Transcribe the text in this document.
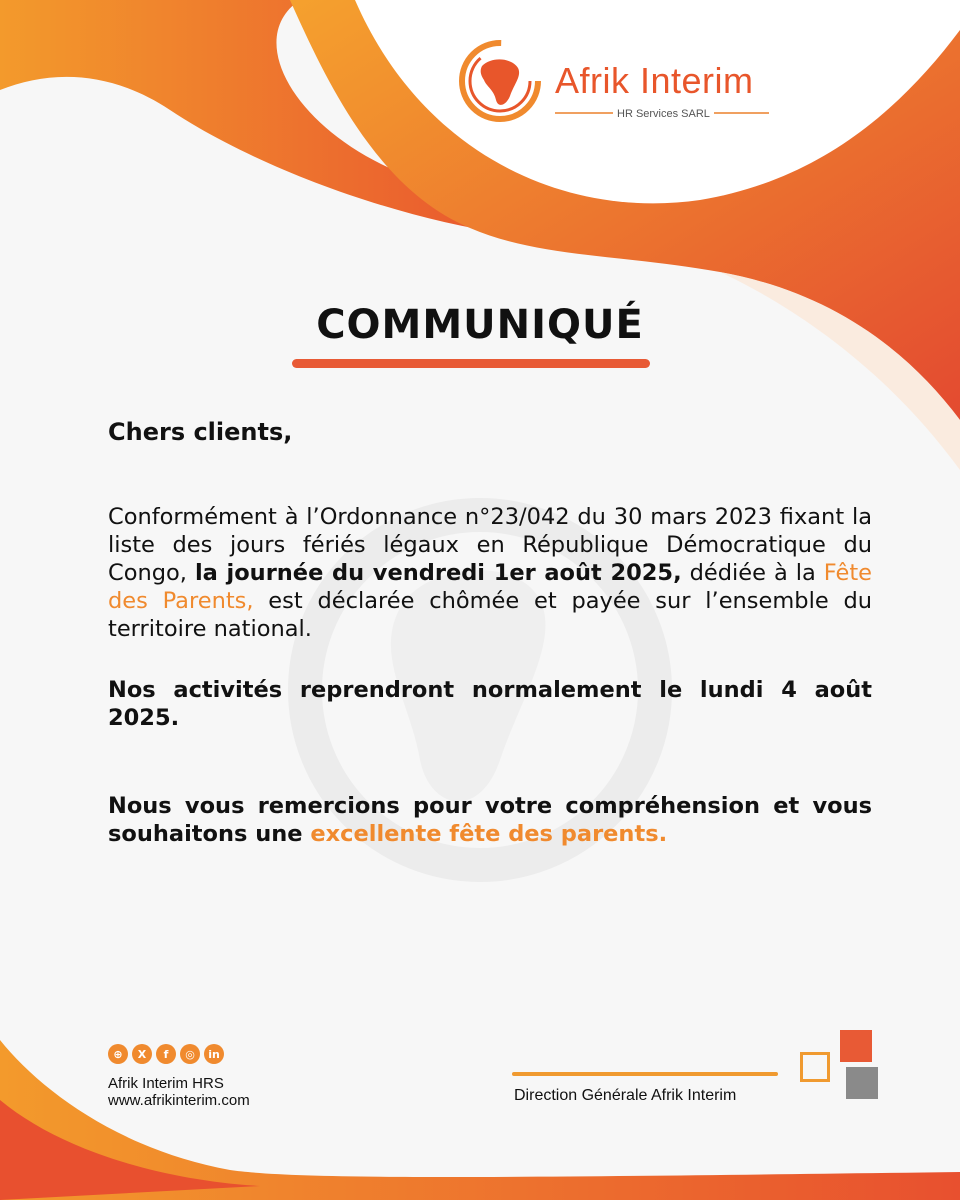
Afrik Interim
HR Services SARL
COMMUNIQUÉ
Chers clients,
Conformément à l’Ordonnance n°23/042 du 30 mars 2023 fixant la liste des jours fériés légaux en République Démocratique du Congo, la journée du vendredi 1er août 2025, dédiée à la Fête des Parents, est déclarée chômée et payée sur l’ensemble du territoire national.
Nos activités reprendront normalement le lundi 4 août 2025.
Nous vous remercions pour votre compréhension et vous souhaitons une excellente fête des parents.
⊕	X	f	◎	in
Afrik Interim HRS
www.afrikinterim.com	Direction Générale Afrik Interim
